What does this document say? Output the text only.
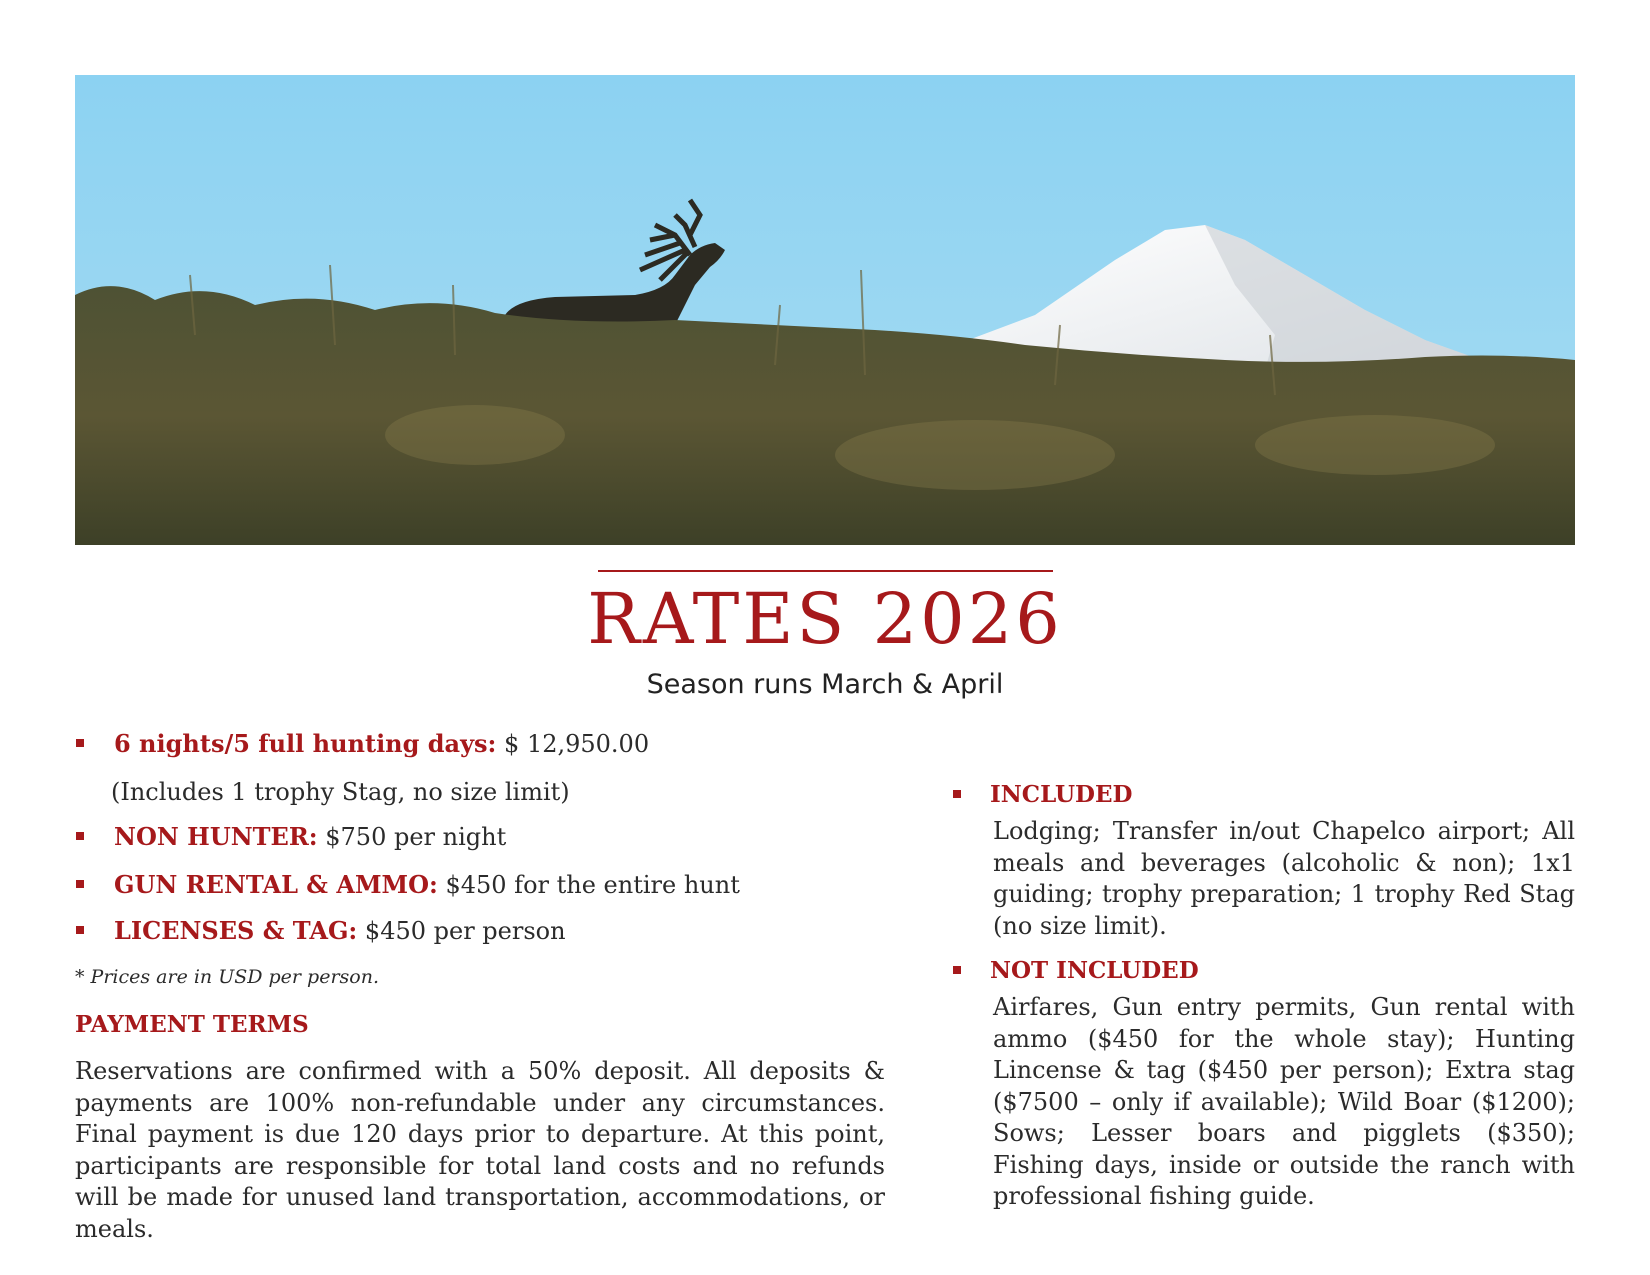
RATES 2026
Season runs March & April
6 nights/5 full hunting days: $ 12,950.00
(Includes 1 trophy Stag, no size limit)
NON HUNTER: $750 per night
GUN RENTAL & AMMO: $450 for the entire hunt
LICENSES & TAG: $450 per person
* Prices are in USD per person.
PAYMENT TERMS
Reservations are confirmed with a 50% deposit. All deposits & payments are 100% non-refundable under any circumstances. Final payment is due 120 days prior to departure. At this point, participants are responsible for total land costs and no refunds will be made for unused land transportation, accommodations, or meals.
INCLUDED
Lodging; Transfer in/out Chapelco airport; All meals and beverages (alcoholic & non); 1x1 guiding; trophy preparation; 1 trophy Red Stag (no size limit).
NOT INCLUDED
Airfares, Gun entry permits, Gun rental with ammo ($450 for the whole stay); Hunting Lincense & tag ($450 per person); Extra stag ($7500 – only if available); Wild Boar ($1200); Sows; Lesser boars and pigglets ($350); Fishing days, inside or outside the ranch with professional fishing guide.
